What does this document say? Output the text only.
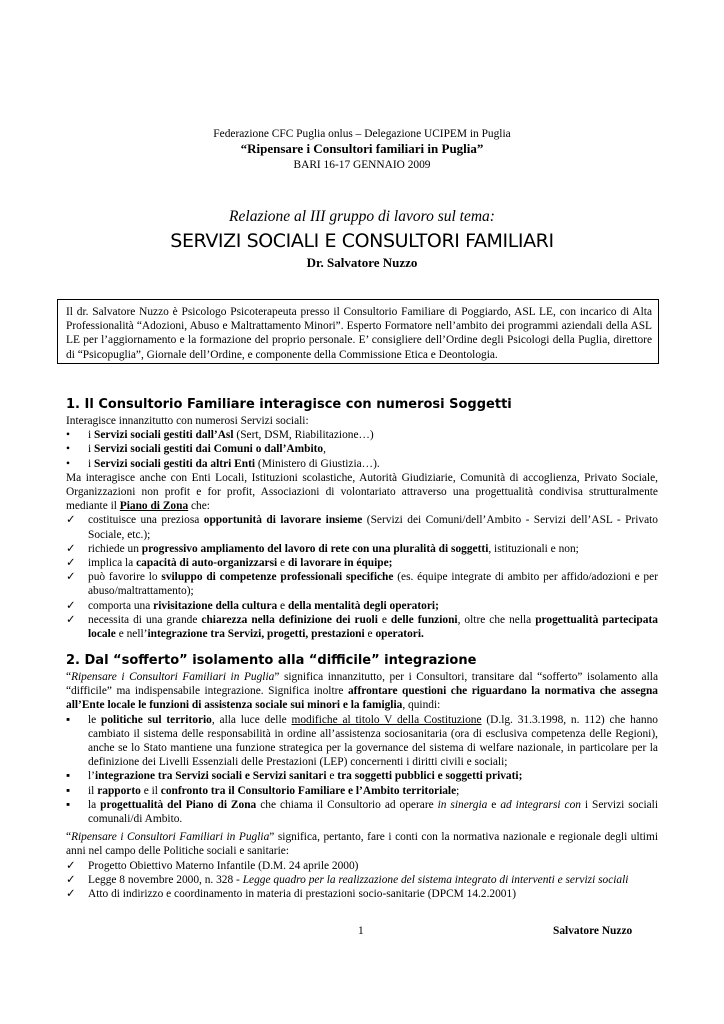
Federazione CFC Puglia onlus – Delegazione UCIPEM in Puglia
“Ripensare i Consultori familiari in Puglia”
BARI 16-17 GENNAIO 2009
Relazione al III gruppo di lavoro sul tema:
SERVIZI SOCIALI E CONSULTORI FAMILIARI
Dr. Salvatore Nuzzo
Il dr. Salvatore Nuzzo è Psicologo Psicoterapeuta presso il Consultorio Familiare di Poggiardo, ASL LE, con incarico di Alta Professionalità “Adozioni, Abuso e Maltrattamento Minori”. Esperto Formatore nell’ambito dei programmi aziendali della ASL LE per l’aggiornamento e la formazione del proprio personale. E’ consigliere dell’Ordine degli Psicologi della Puglia, direttore di “Psicopuglia”, Giornale dell’Ordine, e componente della Commissione Etica e Deontologia.
1. Il Consultorio Familiare interagisce con numerosi Soggetti

Interagisce innanzitutto con numerosi Servizi sociali:

•	i Servizi sociali gestiti dall’Asl (Sert, DSM, Riabilitazione…)
•	i Servizi sociali gestiti dai Comuni o dall’Ambito,
•	i Servizi sociali gestiti da altri Enti (Ministero di Giustizia…).

Ma interagisce anche con Enti Locali, Istituzioni scolastiche, Autorità Giudiziarie, Comunità di accoglienza, Privato Sociale, Organizzazioni non profit e for profit, Associazioni di volontariato attraverso una progettualità condivisa strutturalmente mediante il Piano di Zona che:

✓	costituisce una preziosa opportunità di lavorare insieme (Servizi dei Comuni/dell’Ambito - Servizi dell’ASL - Privato Sociale, etc.);
✓	richiede un progressivo ampliamento del lavoro di rete con una pluralità di soggetti, istituzionali e non;
✓	implica la capacità di auto-organizzarsi e di lavorare in équipe;
✓	può favorire lo sviluppo di competenze professionali specifiche (es. équipe integrate di ambito per affido/adozioni e per abuso/maltrattamento);
✓	comporta una rivisitazione della cultura e della mentalità degli operatori;
✓	necessita di una grande chiarezza nella definizione dei ruoli e delle funzioni, oltre che nella progettualità partecipata locale e nell’integrazione tra Servizi, progetti, prestazioni e operatori.
2. Dal “sofferto” isolamento alla “difficile” integrazione

“Ripensare i Consultori Familiari in Puglia” significa innanzitutto, per i Consultori, transitare dal “sofferto” isolamento alla “difficile” ma indispensabile integrazione. Significa inoltre affrontare questioni che riguardano la normativa che assegna all’Ente locale le funzioni di assistenza sociale sui minori e la famiglia, quindi:

▪	le politiche sul territorio, alla luce delle modifiche al titolo V della Costituzione (D.lg. 31.3.1998, n. 112) che hanno cambiato il sistema delle responsabilità in ordine all’assistenza sociosanitaria (ora di esclusiva competenza delle Regioni), anche se lo Stato mantiene una funzione strategica per la governance del sistema di welfare nazionale, in particolare per la definizione dei Livelli Essenziali delle Prestazioni (LEP) concernenti i diritti civili e sociali;
▪	l’integrazione tra Servizi sociali e Servizi sanitari e tra soggetti pubblici e soggetti privati;
▪	il rapporto e il confronto tra il Consultorio Familiare e l’Ambito territoriale;
▪	la progettualità del Piano di Zona che chiama il Consultorio ad operare in sinergia e ad integrarsi con i Servizi sociali comunali/di Ambito.

“Ripensare i Consultori Familiari in Puglia” significa, pertanto, fare i conti con la normativa nazionale e regionale degli ultimi anni nel campo delle Politiche sociali e sanitarie:

✓	Progetto Obiettivo Materno Infantile (D.M. 24 aprile 2000)
✓	Legge 8 novembre 2000, n. 328 - Legge quadro per la realizzazione del sistema integrato di interventi e servizi sociali
✓	Atto di indirizzo e coordinamento in materia di prestazioni socio-sanitarie (DPCM 14.2.2001)
1	Salvatore Nuzzo
